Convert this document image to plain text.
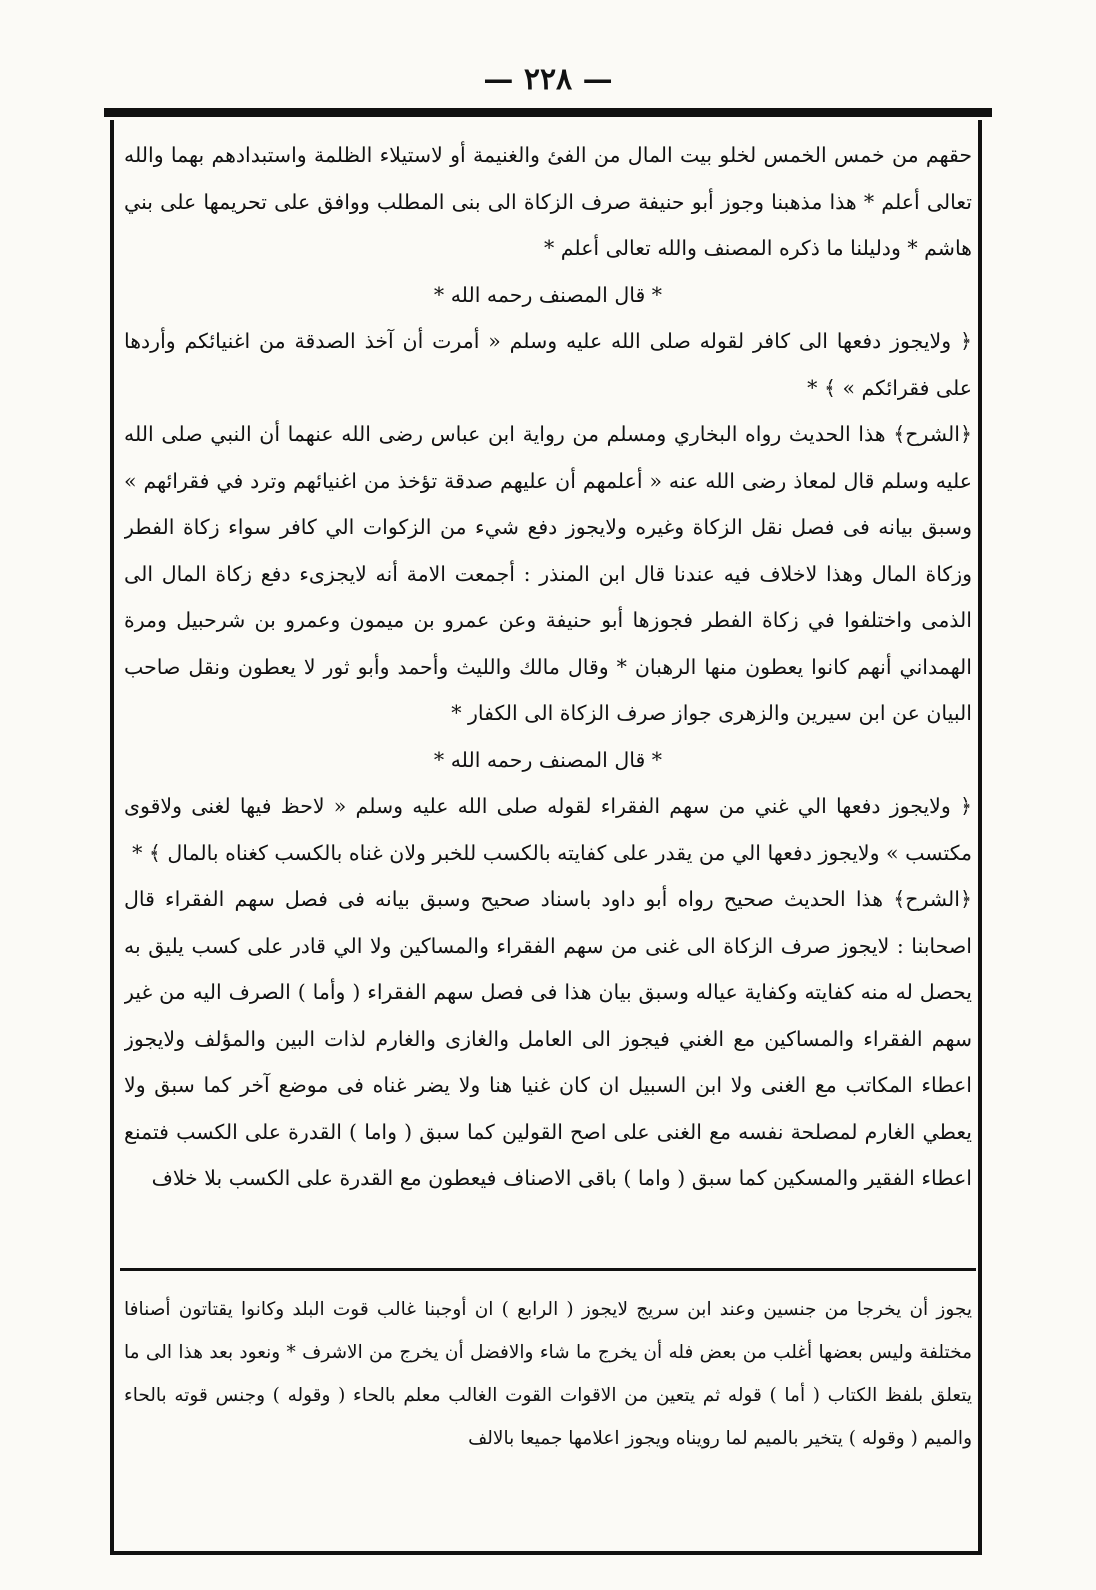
— ٢٢٨ —

حقهم من خمس الخمس لخلو بيت المال من الفئ والغنيمة أو لاستيلاء الظلمة واستبدادهم بهما والله تعالى أعلم * هذا مذهبنا وجوز أبو حنيفة صرف الزكاة الى بنى المطلب ووافق على تحريمها على بني هاشم * ودليلنا ما ذكره المصنف والله تعالى أعلم *

* قال المصنف رحمه الله *

﴿ ولايجوز دفعها الى كافر لقوله صلى الله عليه وسلم « أمرت أن آخذ الصدقة من اغنيائكم وأردها على فقرائكم » ﴾ *

﴿الشرح﴾ هذا الحديث رواه البخاري ومسلم من رواية ابن عباس رضى الله عنهما أن النبي صلى الله عليه وسلم قال لمعاذ رضى الله عنه « أعلمهم أن عليهم صدقة تؤخذ من اغنيائهم وترد في فقرائهم » وسبق بيانه فى فصل نقل الزكاة وغيره ولايجوز دفع شيء من الزكوات الي كافر سواء زكاة الفطر وزكاة المال وهذا لاخلاف فيه عندنا قال ابن المنذر : أجمعت الامة أنه لايجزىء دفع زكاة المال الى الذمى واختلفوا في زكاة الفطر فجوزها أبو حنيفة وعن عمرو بن ميمون وعمرو بن شرحبيل ومرة الهمداني أنهم كانوا يعطون منها الرهبان * وقال مالك والليث وأحمد وأبو ثور لا يعطون ونقل صاحب البيان عن ابن سيرين والزهرى جواز صرف الزكاة الى الكفار *

* قال المصنف رحمه الله *

﴿ ولايجوز دفعها الي غني من سهم الفقراء لقوله صلى الله عليه وسلم « لاحظ فيها لغنى ولاقوى مكتسب » ولايجوز دفعها الي من يقدر على كفايته بالكسب للخبر ولان غناه بالكسب كغناه بالمال ﴾ *

﴿الشرح﴾ هذا الحديث صحيح رواه أبو داود باسناد صحيح وسبق بيانه فى فصل سهم الفقراء قال اصحابنا : لايجوز صرف الزكاة الى غنى من سهم الفقراء والمساكين ولا الي قادر على كسب يليق به يحصل له منه كفايته وكفاية عياله وسبق بيان هذا فى فصل سهم الفقراء ( وأما ) الصرف اليه من غير سهم الفقراء والمساكين مع الغني فيجوز الى العامل والغازى والغارم لذات البين والمؤلف ولايجوز اعطاء المكاتب مع الغنى ولا ابن السبيل ان كان غنيا هنا ولا يضر غناه فى موضع آخر كما سبق ولا يعطي الغارم لمصلحة نفسه مع الغنى على اصح القولين كما سبق ( واما ) القدرة على الكسب فتمنع اعطاء الفقير والمسكين كما سبق ( واما ) باقى الاصناف فيعطون مع القدرة على الكسب بلا خلاف

يجوز أن يخرجا من جنسين وعند ابن سريج لايجوز ( الرابع ) ان أوجبنا غالب قوت البلد وكانوا يقتاتون أصنافا مختلفة وليس بعضها أغلب من بعض فله أن يخرج ما شاء والافضل أن يخرج من الاشرف * ونعود بعد هذا الى ما يتعلق بلفظ الكتاب ( أما ) قوله ثم يتعين من الاقوات القوت الغالب معلم بالحاء ( وقوله ) وجنس قوته بالحاء والميم ( وقوله ) يتخير بالميم لما رويناه ويجوز اعلامها جميعا بالالف
